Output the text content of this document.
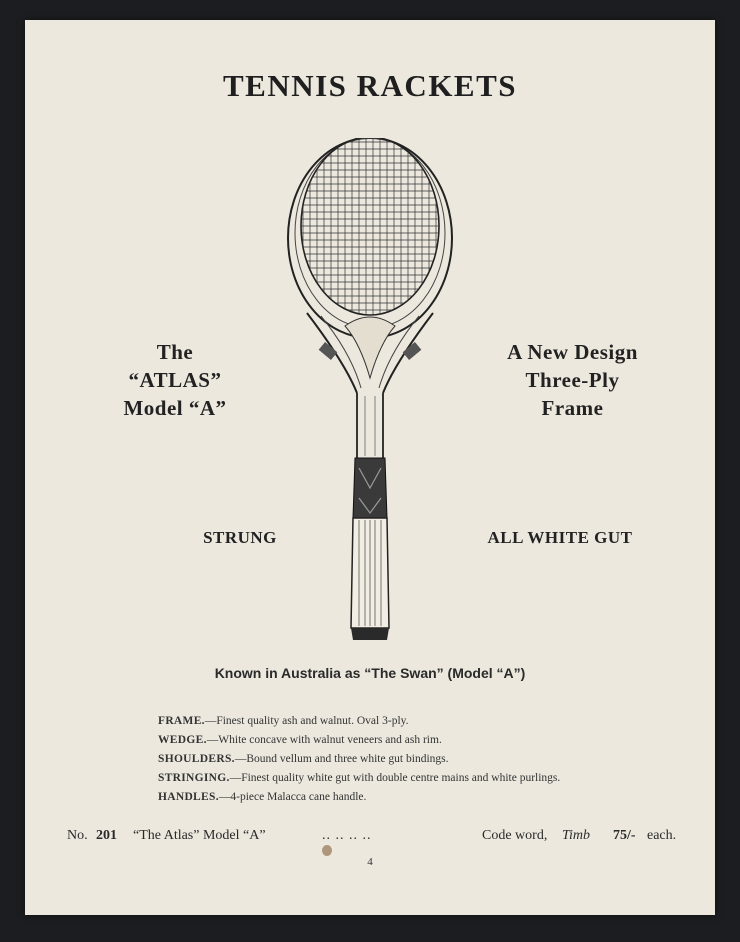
TENNIS RACKETS
The
“ATLAS”
Model “A”
A New Design
Three-Ply
Frame
STRUNG	ALL WHITE GUT
Known in Australia as “The Swan” (Model “A”)
FRAME.—Finest quality ash and walnut. Oval 3-ply.
WEDGE.—White concave with walnut veneers and ash rim.
SHOULDERS.—Bound vellum and three white gut bindings.
STRINGING.—Finest quality white gut with double centre mains and white purlings.
HANDLES.—4-piece Malacca cane handle.
No. 201 “The Atlas” Model “A”	.. .. .. ..	Code word, Timb 75/- each.
4
